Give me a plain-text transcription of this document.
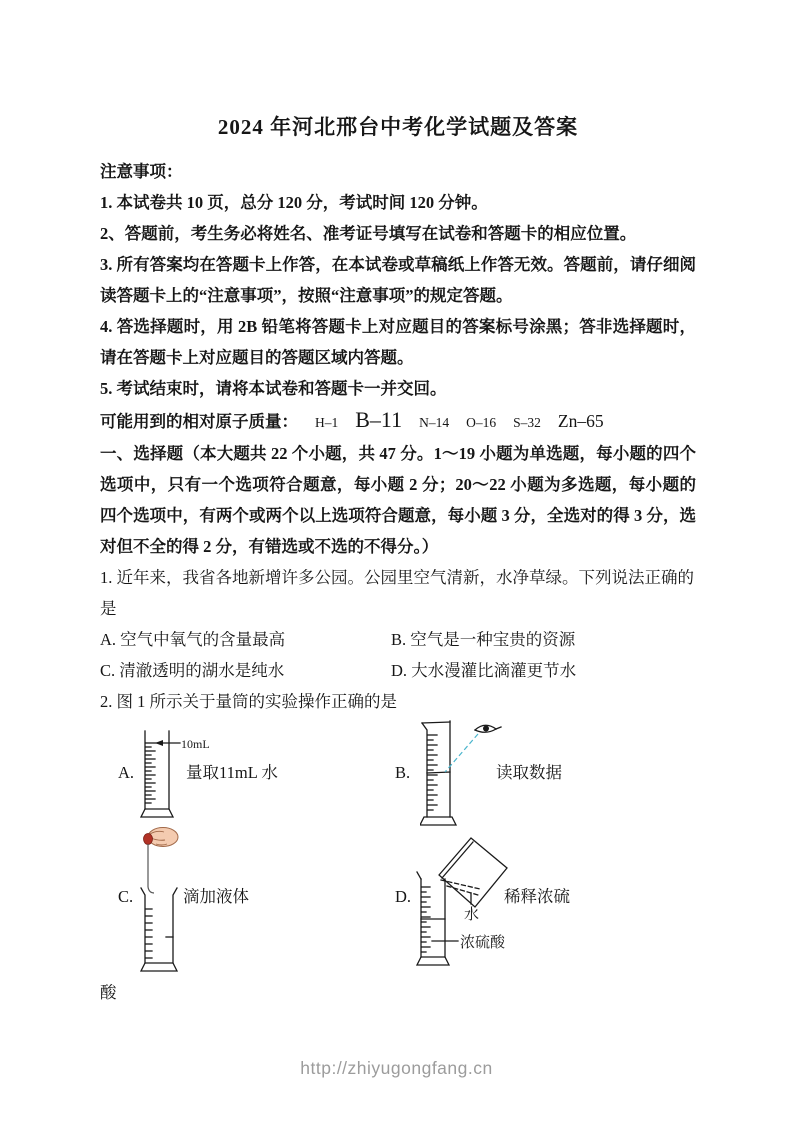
2024 年河北邢台中考化学试题及答案

注意事项：

1. 本试卷共 10 页，总分 120 分，考试时间 120 分钟。

2、答题前，考生务必将姓名、准考证号填写在试卷和答题卡的相应位置。

3. 所有答案均在答题卡上作答，在本试卷或草稿纸上作答无效。答题前，请仔细阅读答题卡上的“注意事项”，按照“注意事项”的规定答题。

4. 答选择题时，用 2B 铅笔将答题卡上对应题目的答案标号涂黑；答非选择题时，请在答题卡上对应题目的答题区域内答题。

5. 考试结束时，请将本试卷和答题卡一并交回。

可能用到的相对原子质量： H–1 B–11 N–14 O–16 S–32 Zn–65

一、选择题（本大题共 22 个小题，共 47 分。1～19 小题为单选题，每小题的四个选项中，只有一个选项符合题意，每小题 2 分；20～22 小题为多选题，每小题的四个选项中，有两个或两个以上选项符合题意，每小题 3 分，全选对的得 3 分，选对但不全的得 2 分，有错选或不选的不得分。）

1. 近年来，我省各地新增许多公园。公园里空气清新，水净草绿。下列说法正确的是

A. 空气中氧气的含量最高	B. 空气是一种宝贵的资源

C. 清澈透明的湖水是纯水	D. 大水漫灌比滴灌更节水

2. 图 1 所示关于量筒的实验操作正确的是

A.
10mL
量取11mL 水	B.	读取数据
C.	滴加液体	D.
水
浓硫酸
稀释浓硫

酸

http://zhiyugongfang.cn
